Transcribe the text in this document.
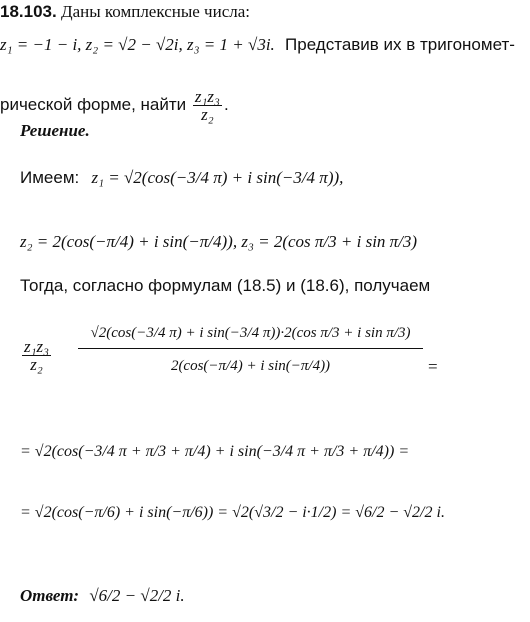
18.103. Даны комплексные числа:
z₁ = −1 − i, z₂ = √2 − √2i, z₃ = 1 + √3i. Представив их в тригономет-
рической форме, найти $\frac{\text{z₁z₃}}{\text{z₂}}$ .
Решение.
Имеем: z₁ = √2(cos(−3/4 π) + i sin(−3/4 π)),
z₂ = 2(cos(−π/4) + i sin(−π/4)), z₃ = 2(cos π/3 + i sin π/3)
Тогда, согласно формулам (18.5) и (18.6), получаем
$\frac{\text{z₁z₃}}{\text{z₂}}$
√2(cos(−3/4 π) + i sin(−3/4 π))·2(cos π/3 + i sin π/3)
2(cos(−π/4) + i sin(−π/4))	=
= √2(cos(−3/4 π + π/3 + π/4) + i sin(−3/4 π + π/3 + π/4)) =
= √2(cos(−π/6) + i sin(−π/6)) = √2(√3/2 − i·1/2) = √6/2 − √2/2 i.
Ответ: √6/2 − √2/2 i.
